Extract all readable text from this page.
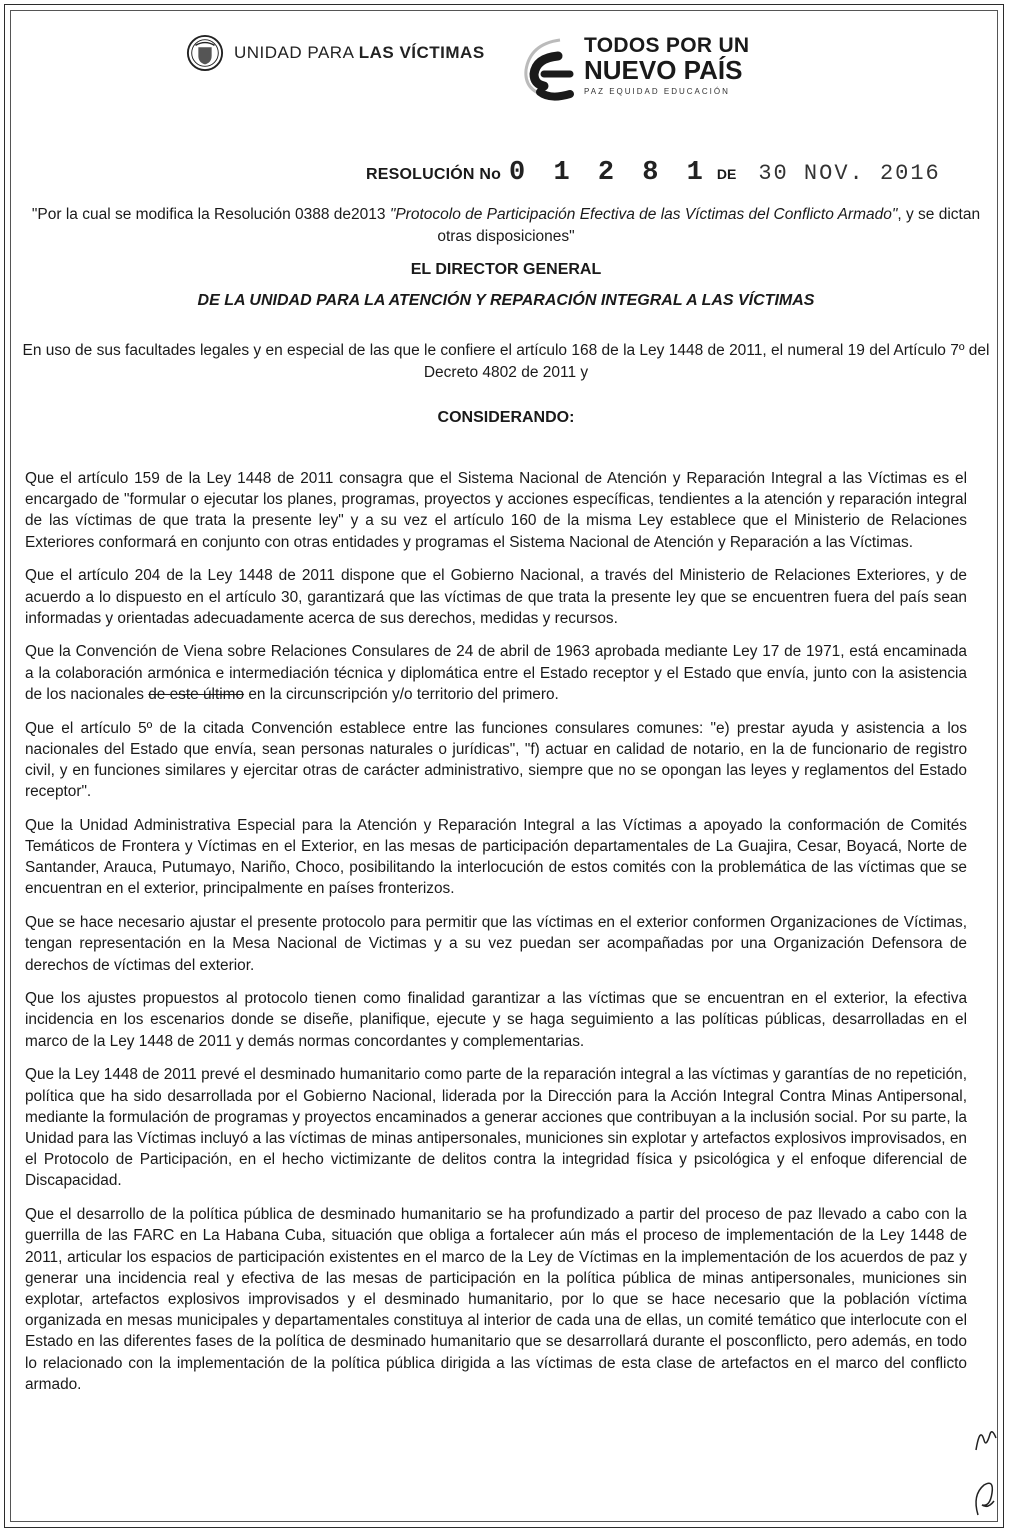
UNIDAD PARA LAS VÍCTIMAS	TODOS POR UN
NUEVO PAÍS
PAZ EQUIDAD EDUCACIÓN
RESOLUCIÓN No 0 1 2 8 1 DE 30 NOV. 2016
"Por la cual se modifica la Resolución 0388 de2013 "Protocolo de Participación Efectiva de las Víctimas del Conflicto Armado", y se dictan otras disposiciones"
EL DIRECTOR GENERAL
DE LA UNIDAD PARA LA ATENCIÓN Y REPARACIÓN INTEGRAL A LAS VÍCTIMAS
En uso de sus facultades legales y en especial de las que le confiere el artículo 168 de la Ley 1448 de 2011, el numeral 19 del Artículo 7º del Decreto 4802 de 2011 y
CONSIDERANDO:

Que el artículo 159 de la Ley 1448 de 2011 consagra que el Sistema Nacional de Atención y Reparación Integral a las Víctimas es el encargado de "formular o ejecutar los planes, programas, proyectos y acciones específicas, tendientes a la atención y reparación integral de las víctimas de que trata la presente ley" y a su vez el artículo 160 de la misma Ley establece que el Ministerio de Relaciones Exteriores conformará en conjunto con otras entidades y programas el Sistema Nacional de Atención y Reparación a las Víctimas.

Que el artículo 204 de la Ley 1448 de 2011 dispone que el Gobierno Nacional, a través del Ministerio de Relaciones Exteriores, y de acuerdo a lo dispuesto en el artículo 30, garantizará que las víctimas de que trata la presente ley que se encuentren fuera del país sean informadas y orientadas adecuadamente acerca de sus derechos, medidas y recursos.

Que la Convención de Viena sobre Relaciones Consulares de 24 de abril de 1963 aprobada mediante Ley 17 de 1971, está encaminada a la colaboración armónica e intermediación técnica y diplomática entre el Estado receptor y el Estado que envía, junto con la asistencia de los nacionales de este último en la circunscripción y/o territorio del primero.

Que el artículo 5º de la citada Convención establece entre las funciones consulares comunes: "e) prestar ayuda y asistencia a los nacionales del Estado que envía, sean personas naturales o jurídicas", "f) actuar en calidad de notario, en la de funcionario de registro civil, y en funciones similares y ejercitar otras de carácter administrativo, siempre que no se opongan las leyes y reglamentos del Estado receptor".

Que la Unidad Administrativa Especial para la Atención y Reparación Integral a las Víctimas a apoyado la conformación de Comités Temáticos de Frontera y Víctimas en el Exterior, en las mesas de participación departamentales de La Guajira, Cesar, Boyacá, Norte de Santander, Arauca, Putumayo, Nariño, Choco, posibilitando la interlocución de estos comités con la problemática de las víctimas que se encuentran en el exterior, principalmente en países fronterizos.

Que se hace necesario ajustar el presente protocolo para permitir que las víctimas en el exterior conformen Organizaciones de Víctimas, tengan representación en la Mesa Nacional de Victimas y a su vez puedan ser acompañadas por una Organización Defensora de derechos de víctimas del exterior.

Que los ajustes propuestos al protocolo tienen como finalidad garantizar a las víctimas que se encuentran en el exterior, la efectiva incidencia en los escenarios donde se diseñe, planifique, ejecute y se haga seguimiento a las políticas públicas, desarrolladas en el marco de la Ley 1448 de 2011 y demás normas concordantes y complementarias.

Que la Ley 1448 de 2011 prevé el desminado humanitario como parte de la reparación integral a las víctimas y garantías de no repetición, política que ha sido desarrollada por el Gobierno Nacional, liderada por la Dirección para la Acción Integral Contra Minas Antipersonal, mediante la formulación de programas y proyectos encaminados a generar acciones que contribuyan a la inclusión social. Por su parte, la Unidad para las Víctimas incluyó a las víctimas de minas antipersonales, municiones sin explotar y artefactos explosivos improvisados, en el Protocolo de Participación, en el hecho victimizante de delitos contra la integridad física y psicológica y el enfoque diferencial de Discapacidad.

Que el desarrollo de la política pública de desminado humanitario se ha profundizado a partir del proceso de paz llevado a cabo con la guerrilla de las FARC en La Habana Cuba, situación que obliga a fortalecer aún más el proceso de implementación de la Ley 1448 de 2011, articular los espacios de participación existentes en el marco de la Ley de Víctimas en la implementación de los acuerdos de paz y generar una incidencia real y efectiva de las mesas de participación en la política pública de minas antipersonales, municiones sin explotar, artefactos explosivos improvisados y el desminado humanitario, por lo que se hace necesario que la población víctima organizada en mesas municipales y departamentales constituya al interior de cada una de ellas, un comité temático que interlocute con el Estado en las diferentes fases de la política de desminado humanitario que se desarrollará durante el posconflicto, pero además, en todo lo relacionado con la implementación de la política pública dirigida a las víctimas de esta clase de artefactos en el marco del conflicto armado.
